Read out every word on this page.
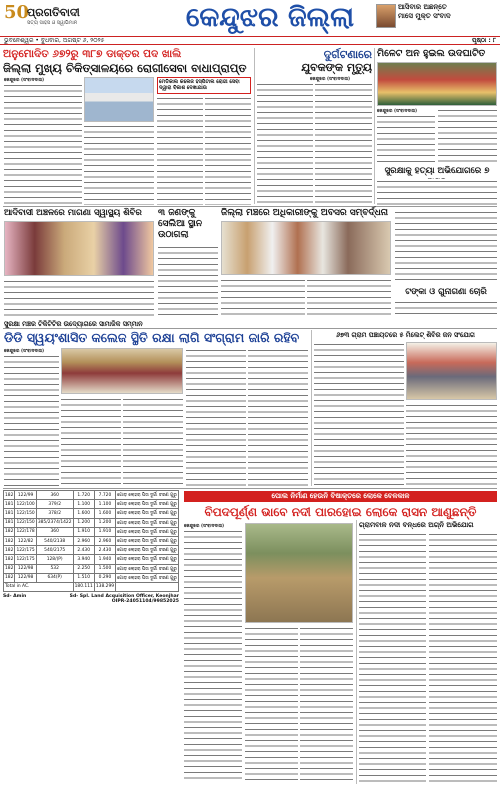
50
ପ୍ରଗତିବାଦୀ
ସତ୍ୟ ସାହସ ଓ ସ୍ୱାଭିମାନ	କେନ୍ଦୁଝର ଜିଲ୍ଲା	ଆସିବାର ଅଛନ୍ତେ
ମାସେ ମୁକ୍ତ ସଂବାଦ
ଭୁବନେଶ୍ୱର • ବୁଧବାର, ଅଗଷ୍ଟ ୬, ୨୦୨୫	ପୃଷ୍ଠା : ୮
ଅନୁମୋଦିତ ୬୭୨ରୁ ୩୮୭ ଡାକ୍ତର ପଦ ଖାଲି
ଜିଲ୍ଲା ମୁଖ୍ୟ ଚିକିତ୍ସାଳୟରେ ରୋଗୀସେବା ବାଧାପ୍ରାପ୍ତ
କେନ୍ଦୁଝର (ସଂବାଦଦାତା)	ମେଡିକାଲ କଲେଜ ହସ୍ପିଟାଲ ରୋଗୀ ସେବା ଦ୍ୱାରା ବିକାଶ ଦେଖାଯାଉ
ଦୁର୍ଗଟଣାରେ
ଯୁବକଙ୍କ ମୃତ୍ୟୁ
କେନ୍ଦୁଝର (ସଂବାଦଦାତା)
ମିଳେଟ ଅନ ହୁଇଲ ଉଦଘାଟିତ
କେନ୍ଦୁଝର (ସଂବାଦଦାତା)
ସୁରକ୍ଷାକୁ ହତ୍ୟା ଅଭିଯୋଗରେ ୭
ଆଦିବାସୀ ଅଞ୍ଚଳରେ ମାଗଣା ସ୍ୱାସ୍ଥ୍ୟ ଶିବିର	୩ ଜଣଙ୍କୁ
ସେଲିଆ ସ୍ଥାନ
ଉଠାଗଲା
ଜିଲ୍ଲା ମଞ୍ଚରେ ଅଧିକାରୀଙ୍କୁ ଅବସର ସମ୍ବର୍ଦ୍ଧନା
ଟଙ୍କା ଓ ଗୁନାଗଣା ଚୋରି
ସୁରକ୍ଷା ମଞ୍ଚର ଟିକିଟିଟିର ଉଦ୍ୟୋଗରେ ସାମାଜିକ ସମ୍ମାନ
ଡିଡି ସ୍ୱୟଂଶାସିତ କଲେଜ ସ୍ଥିତି ରକ୍ଷା ଲାଗି ସଂଗ୍ରାମ ଜାରି ରହିବ
କେନ୍ଦୁଝର (ସଂବାଦଦାତା)
୬୭୩ ଗ୍ରାମ ପଞ୍ଚାୟତରେ ୫ ମିଲେଟ୍ ଶିବିର ଜନ ସଂଯୋଗ
182	122/99	360	1.720	7.720	ଗୋଡ଼ ଲୋହରା ପିତା ଦୁର୍ଗା ଚରଣ ଗୁରୁ
181	122/100	379/2	1.100	1.100	ଗୋଡ଼ ଲୋହରା ପିତା ଦୁର୍ଗା ଚରଣ ଗୁରୁ
181	122/150	378/2	1.600	1.600	ଗୋଡ଼ ଲୋହରା ପିତା ଦୁର୍ଗା ଚରଣ ଗୁରୁ
181	122/150	385/2374/1422	1.200	1.200	ଗୋଡ଼ ଲୋହରା ପିତା ଦୁର୍ଗା ଚରଣ ଗୁରୁ
182	122/178	360	1.910	1.910	ଗୋଡ଼ ଲୋହରା ପିତା ଦୁର୍ଗା ଚରଣ ଗୁରୁ
182	122/82	540/2138	2.960	2.960	ଗୋଡ଼ ଲୋହରା ପିତା ଦୁର୍ଗା ଚରଣ ଗୁରୁ
182	122/175	540/2175	2.430	2.430	ଗୋଡ଼ ଲୋହରା ପିତା ଦୁର୍ଗା ଚରଣ ଗୁରୁ
182	122/175	128/(P)	3.940	1.940	ଗୋଡ଼ ଲୋହରା ପିତା ଦୁର୍ଗା ଚରଣ ଗୁରୁ
182	122/98	532	2.250	1.500	ଗୋଡ଼ ଲୋହରା ପିତା ଦୁର୍ଗା ଚରଣ ଗୁରୁ
182	122/98	634(P)	1.510	0.290	ଗୋଡ଼ ଲୋହରା ପିତା ଦୁର୍ଗା ଚରଣ ଗୁରୁ
Total in AC.			180.111	138.299	
Sd- Amin	Sd- Spl. Land Acquisition Officer, Keonjhar
OIPR-24051104/99852025
ପୋଲ ନିର୍ମାଣ ହେଉନି ବିଷାକ୍ତରେ ଲୋକେ ବେଳକାଳ
ବିପଦପୂର୍ଣ୍ଣ ଭାବେ ନଦୀ ପାରହୋଇ ଲୋକେ ରାସନ ଆଣୁଛନ୍ତି
କେନ୍ଦୁଝର (ସଂବାଦଦାତା)	ଗ୍ରାମବାଳ ନଦୀ ବନ୍ଧରେ ଅଗ୍ନି ଅଭିଯୋଗ
